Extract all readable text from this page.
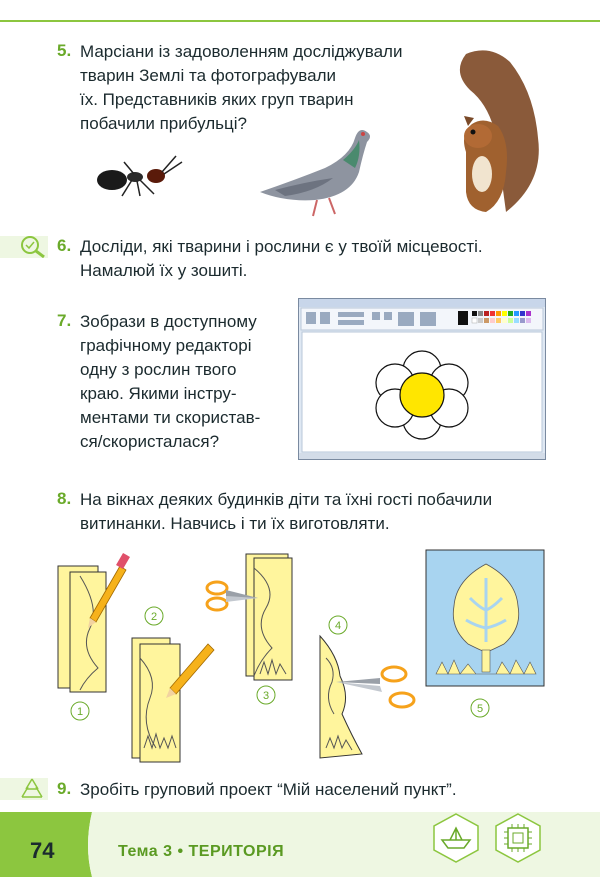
5. Марсіани із задоволенням досліджували
тварин Землі та фотографували
їх. Представників яких груп тварин
побачили прибульці?
6. Досліди, які тварини і рослини є у твоїй місцевості.
Намалюй їх у зошиті.
7. Зобрази в доступному
графічному редакторі
одну з рослин твого
краю. Якими інстру-
ментами ти скористав-
ся/скористалася?
8. На вікнах деяких будинків діти та їхні гості побачили
витинанки. Навчись і ти їх виготовляти.
1
2
3
4
5
9. Зробіть груповий проект “Мій населений пункт”.
74	Тема 3 • ТЕРИТОРІЯ
